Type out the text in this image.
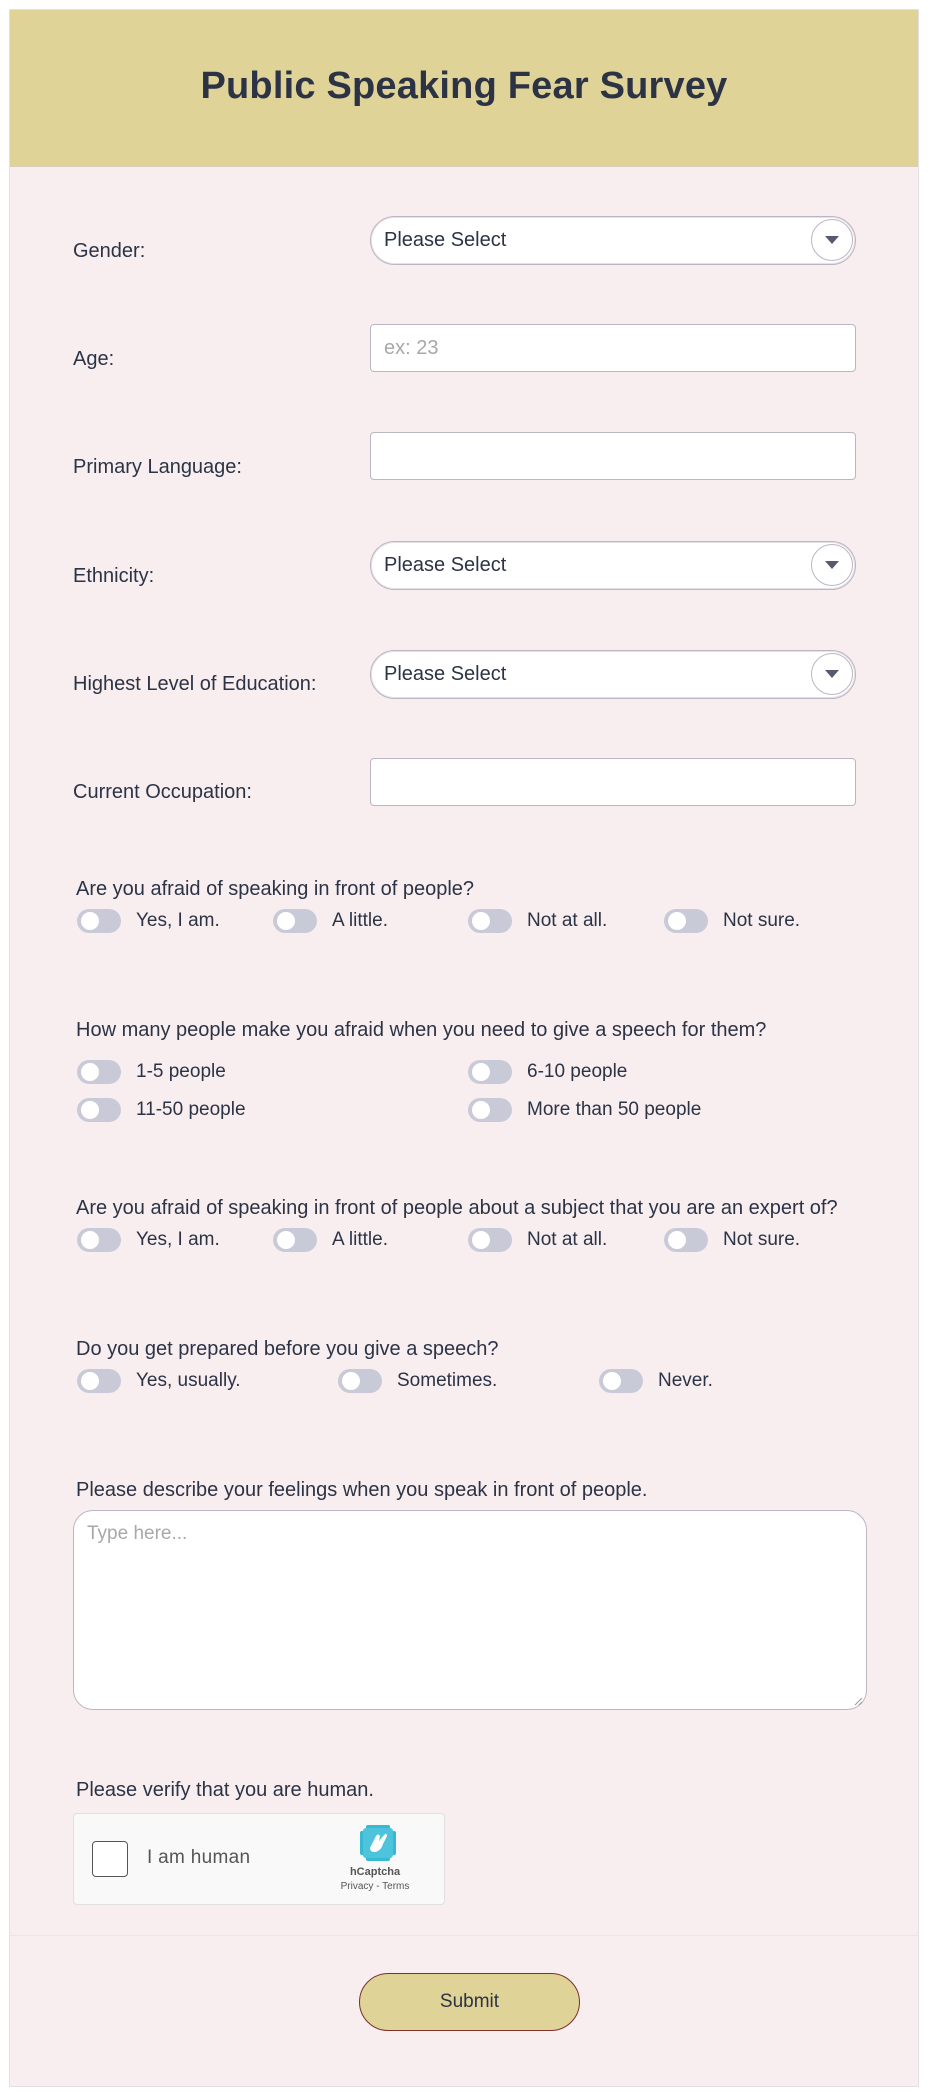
Public Speaking Fear Survey
Gender:	Please Select
Age:
ex: 23
Primary Language:
Ethnicity:	Please Select
Highest Level of Education:	Please Select
Current Occupation:
Are you afraid of speaking in front of people?
Yes, I am.	A little.	Not at all.	Not sure.
How many people make you afraid when you need to give a speech for them?
1-5 people	6-10 people
11-50 people	More than 50 people
Are you afraid of speaking in front of people about a subject that you are an expert of?
Yes, I am.	A little.	Not at all.	Not sure.
Do you get prepared before you give a speech?
Yes, usually.	Sometimes.	Never.
Please describe your feelings when you speak in front of people.
Type here...
Please verify that you are human.
I am human
hCaptcha
Privacy - Terms
Submit
